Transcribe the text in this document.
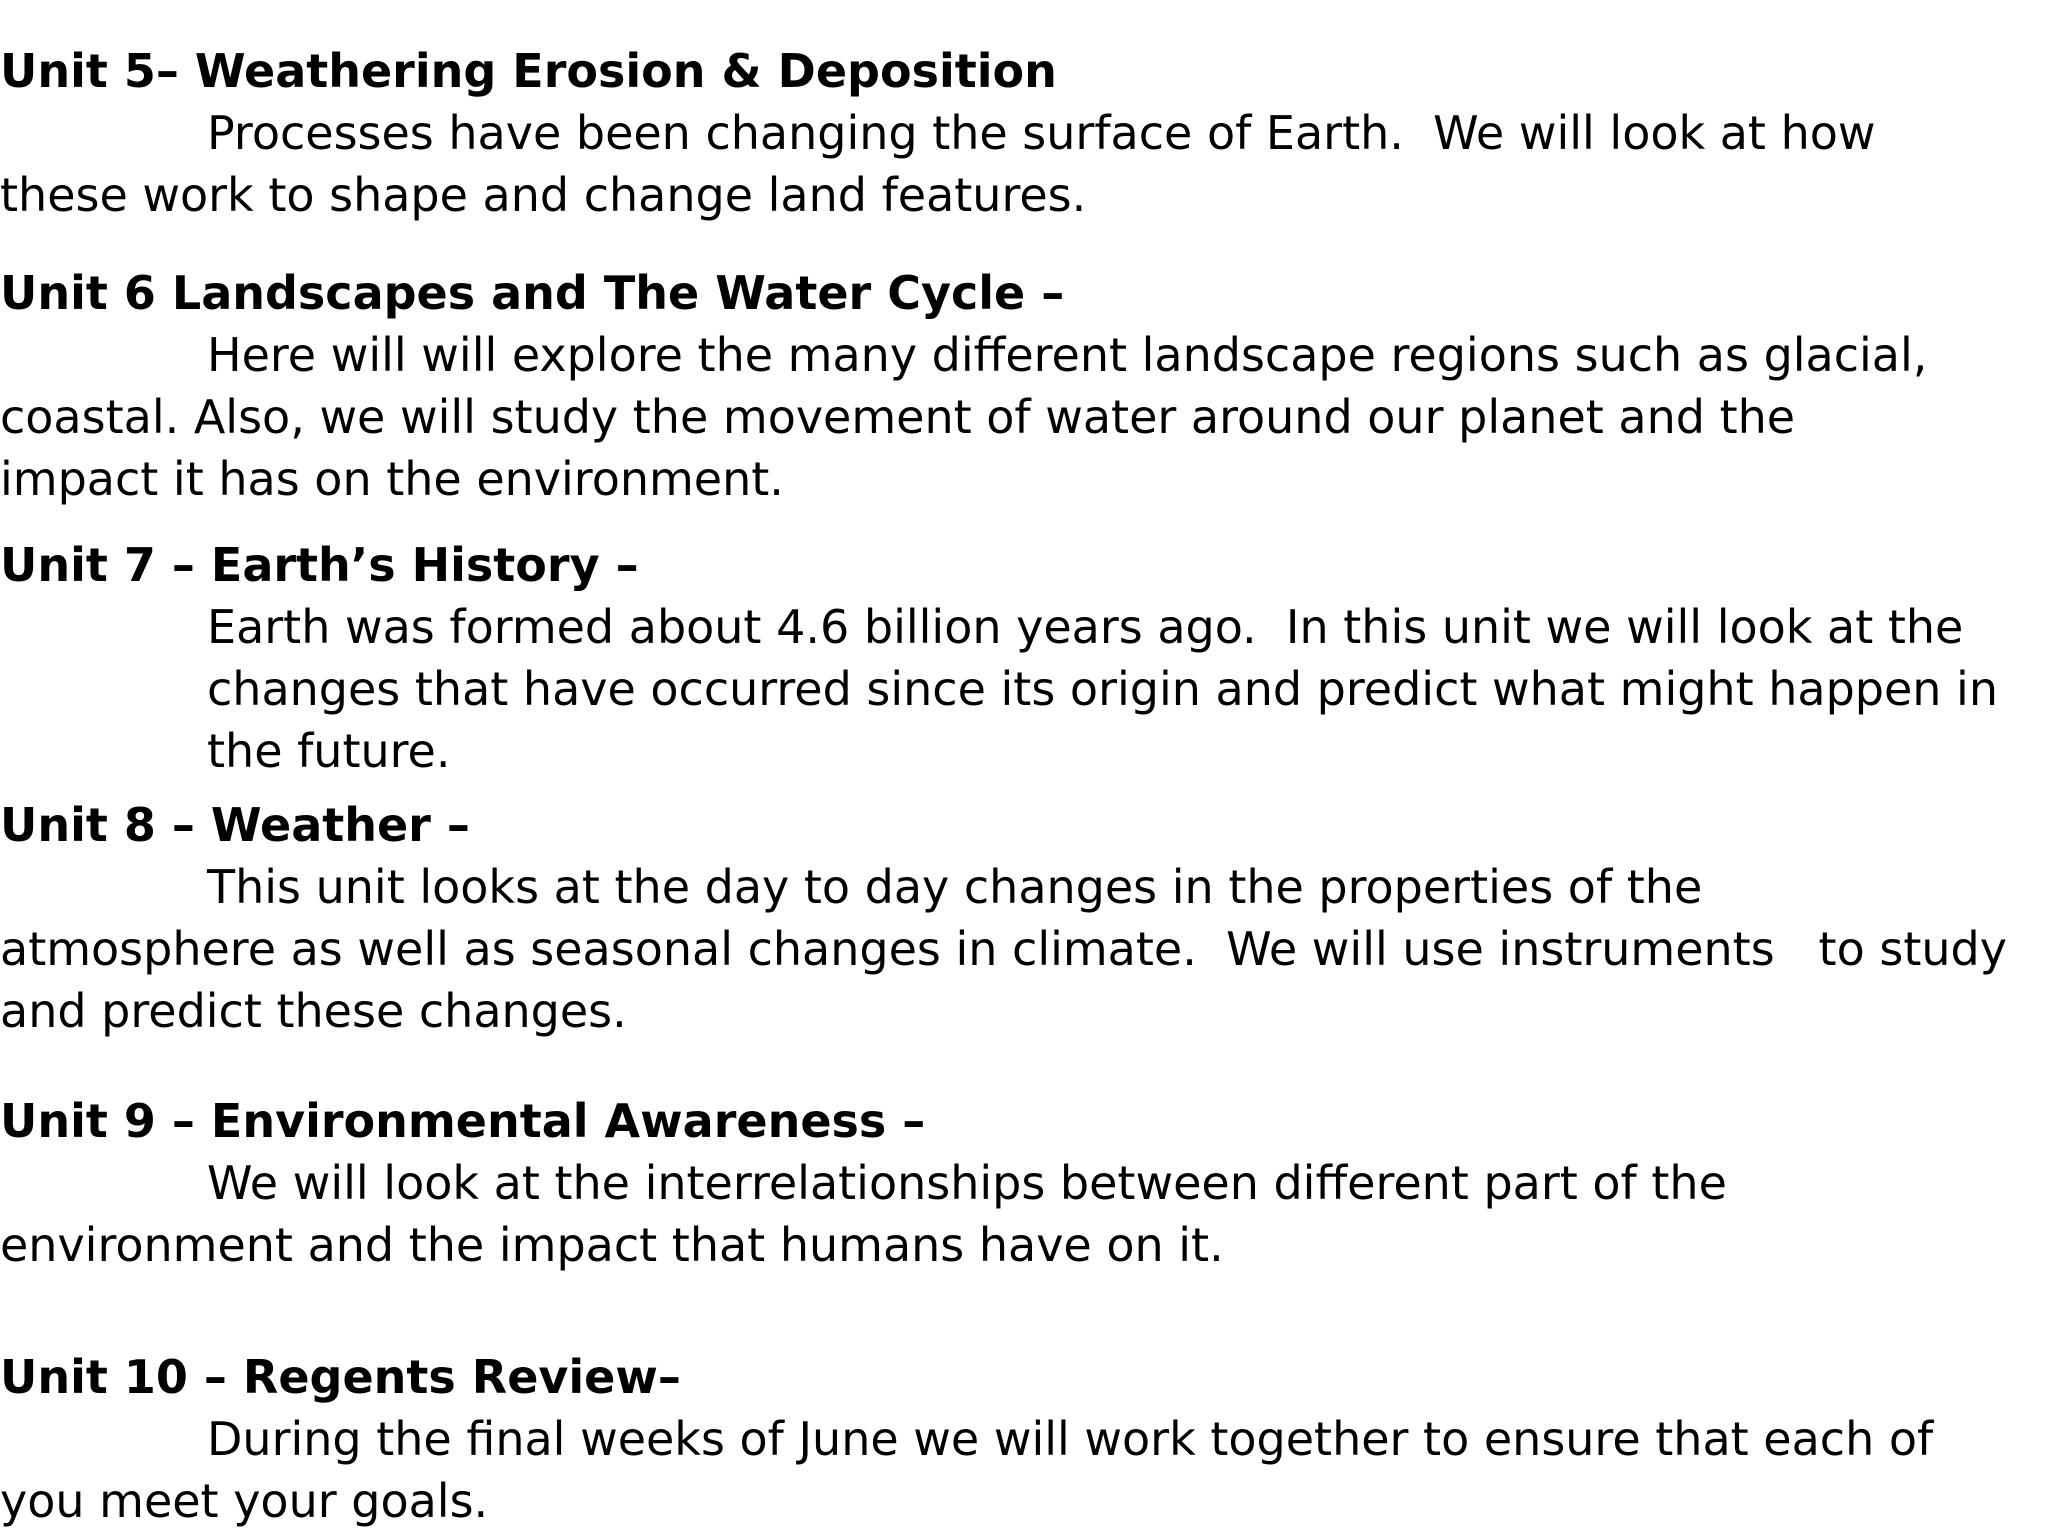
Unit 5– Weathering Erosion & Deposition
Processes have been changing the surface of Earth.  We will look at how
these work to shape and change land features.
Unit 6 Landscapes and The Water Cycle –
Here will will explore the many different landscape regions such as glacial,
coastal. Also, we will study the movement of water around our planet and the
impact it has on the environment.
Unit 7 – Earth’s History –
Earth was formed about 4.6 billion years ago.  In this unit we will look at the
changes that have occurred since its origin and predict what might happen in
the future.
Unit 8 – Weather –
This unit looks at the day to day changes in the properties of the
atmosphere as well as seasonal changes in climate.  We will use instruments   to study
and predict these changes.
Unit 9 – Environmental Awareness –
We will look at the interrelationships between different part of the
environment and the impact that humans have on it.
Unit 10 – Regents Review–
During the final weeks of June we will work together to ensure that each of
you meet your goals.
